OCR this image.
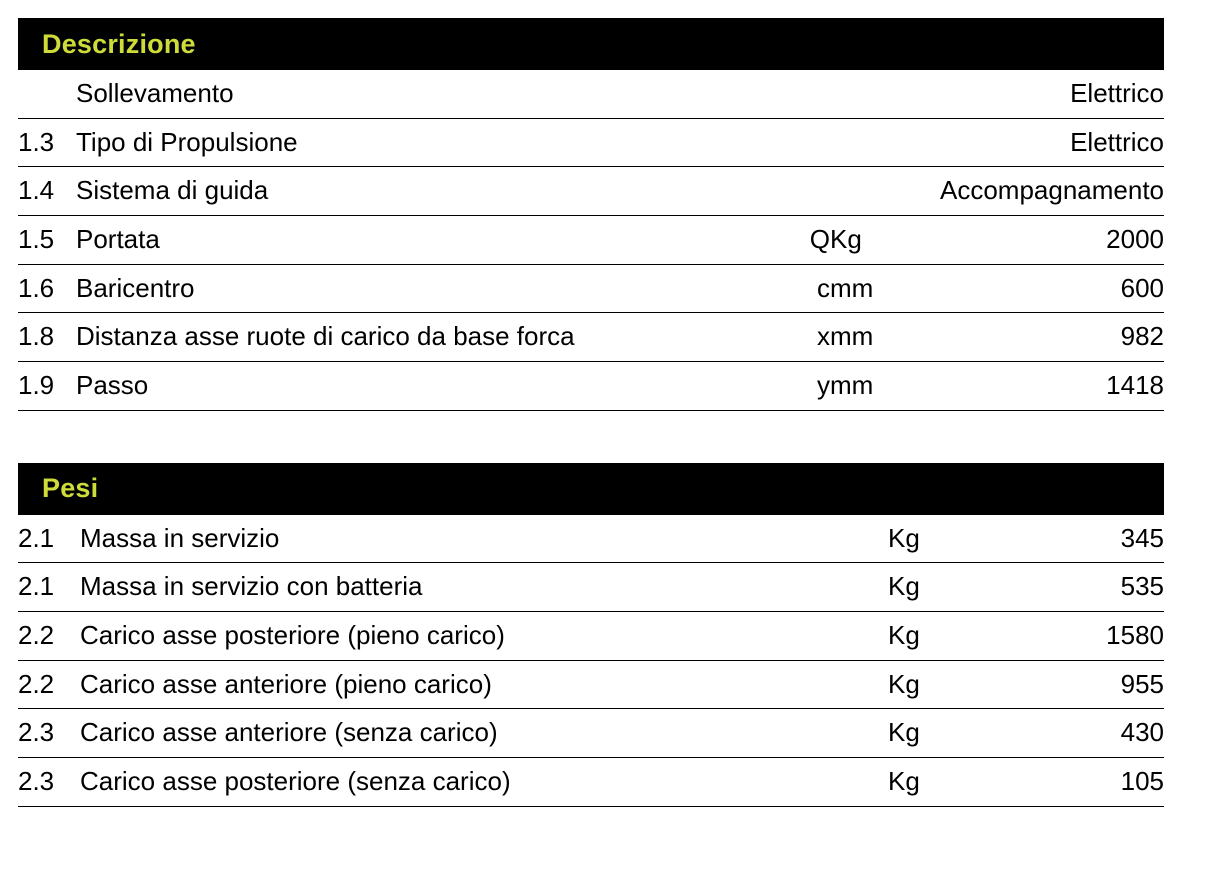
Descrizione
	Sollevamento			Elettrico
1.3	Tipo di Propulsione			Elettrico
1.4	Sistema di guida			Accompagnamento
1.5	Portata	Q	Kg	2000
1.6	Baricentro	c	mm	600
1.8	Distanza asse ruote di carico da base forca	x	mm	982
1.9	Passo	y	mm	1418
Pesi
2.1	Massa in servizio	Kg	345
2.1	Massa in servizio con batteria	Kg	535
2.2	Carico asse posteriore (pieno carico)	Kg	1580
2.2	Carico asse anteriore (pieno carico)	Kg	955
2.3	Carico asse anteriore (senza carico)	Kg	430
2.3	Carico asse posteriore (senza carico)	Kg	105
